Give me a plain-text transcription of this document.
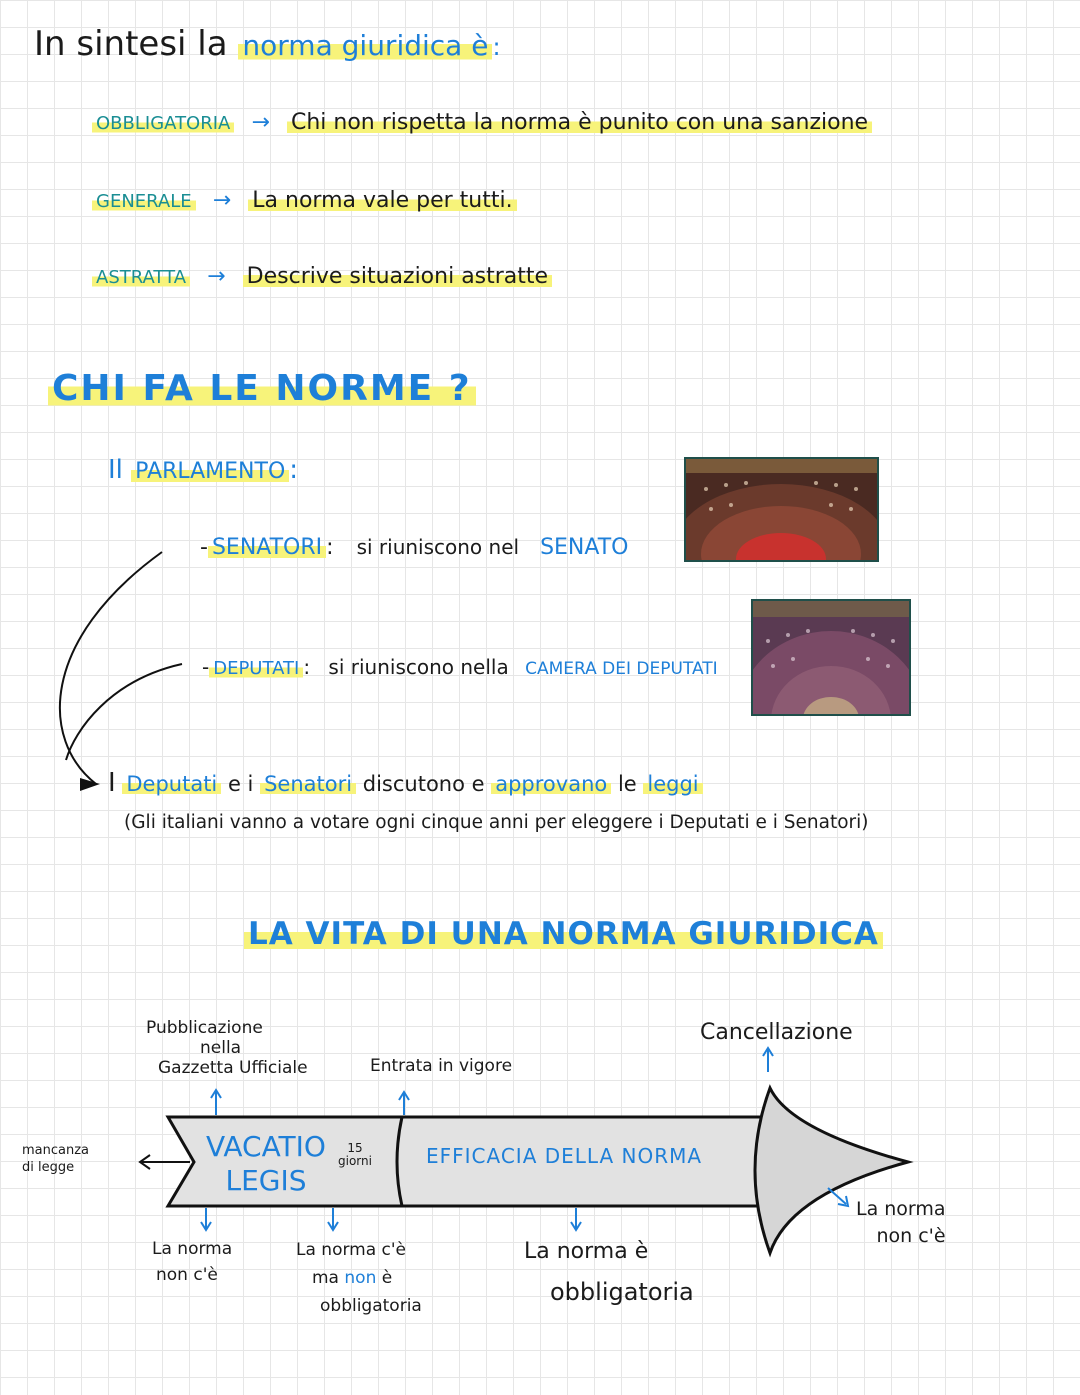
In sintesi la norma giuridica è :
OBBLIGATORIA → Chi non rispetta la norma è punito con una sanzione
GENERALE → La norma vale per tutti.
ASTRATTA → Descrive situazioni astratte
CHI FA LE NORME ?
Il PARLAMENTO :
- SENATORI : si riuniscono nel SENATO
- DEPUTATI : si riuniscono nella CAMERA DEI DEPUTATI
I Deputati e i Senatori discutono e approvano le leggi
(Gli italiani vanno a votare ogni cinque anni per eleggere i Deputati e i Senatori)
LA VITA DI UNA NORMA GIURIDICA
Pubblicazione
nella
Gazzetta Ufficiale	Entrata in vigore
Cancellazione
mancanza
di legge
VACATIO
LEGIS
15
giorni	EFFICACIA DELLA NORMA
La norma
non c'è
La norma c'è
ma non è
obbligatoria
La norma è
obbligatoria
La norma
non c'è
